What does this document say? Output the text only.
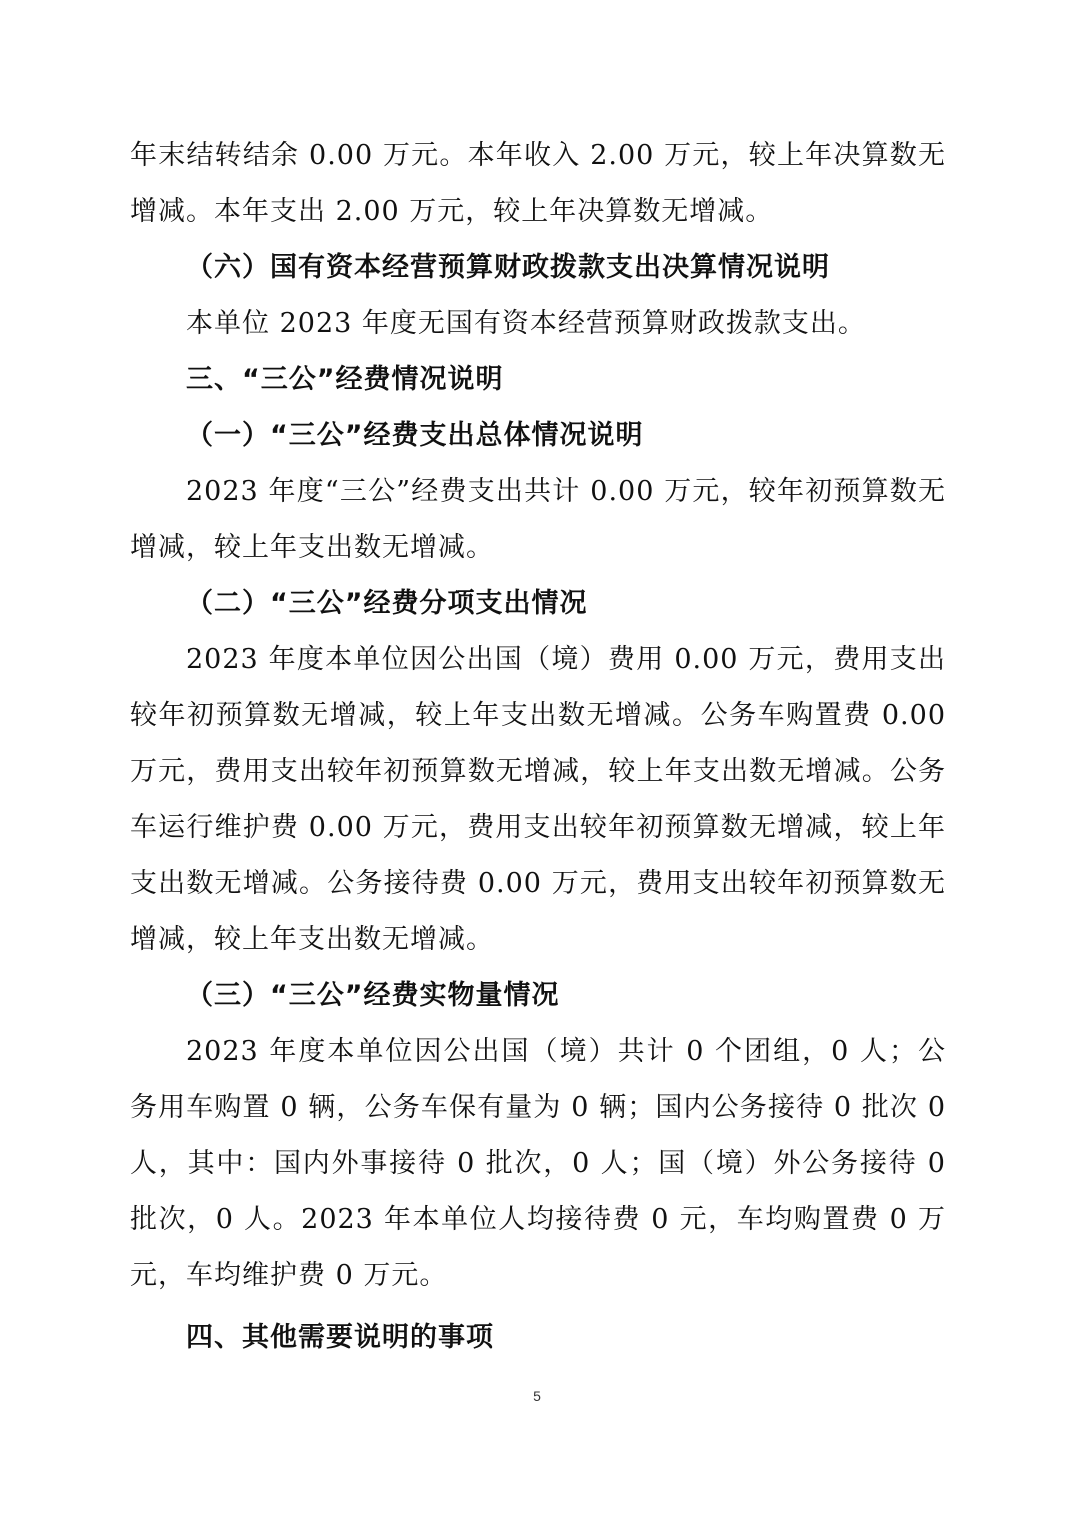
年末结转结余 0.00 万元。本年收入 2.00 万元，较上年决算数无增减。本年支出 2.00 万元，较上年决算数无增减。

（六）国有资本经营预算财政拨款支出决算情况说明

本单位 2023 年度无国有资本经营预算财政拨款支出。

三、“三公”经费情况说明

（一）“三公”经费支出总体情况说明

2023 年度“三公”经费支出共计 0.00 万元，较年初预算数无增减，较上年支出数无增减。

（二）“三公”经费分项支出情况

2023 年度本单位因公出国（境）费用 0.00 万元，费用支出较年初预算数无增减，较上年支出数无增减。公务车购置费 0.00 万元，费用支出较年初预算数无增减，较上年支出数无增减。公务车运行维护费 0.00 万元，费用支出较年初预算数无增减，较上年支出数无增减。公务接待费 0.00 万元，费用支出较年初预算数无增减，较上年支出数无增减。

（三）“三公”经费实物量情况

2023 年度本单位因公出国（境）共计 0 个团组，0 人；公务用车购置 0 辆，公务车保有量为 0 辆；国内公务接待 0 批次 0 人，其中：国内外事接待 0 批次，0 人；国（境）外公务接待 0 批次，0 人。2023 年本单位人均接待费 0 元，车均购置费 0 万元，车均维护费 0 万元。

四、其他需要说明的事项

5
